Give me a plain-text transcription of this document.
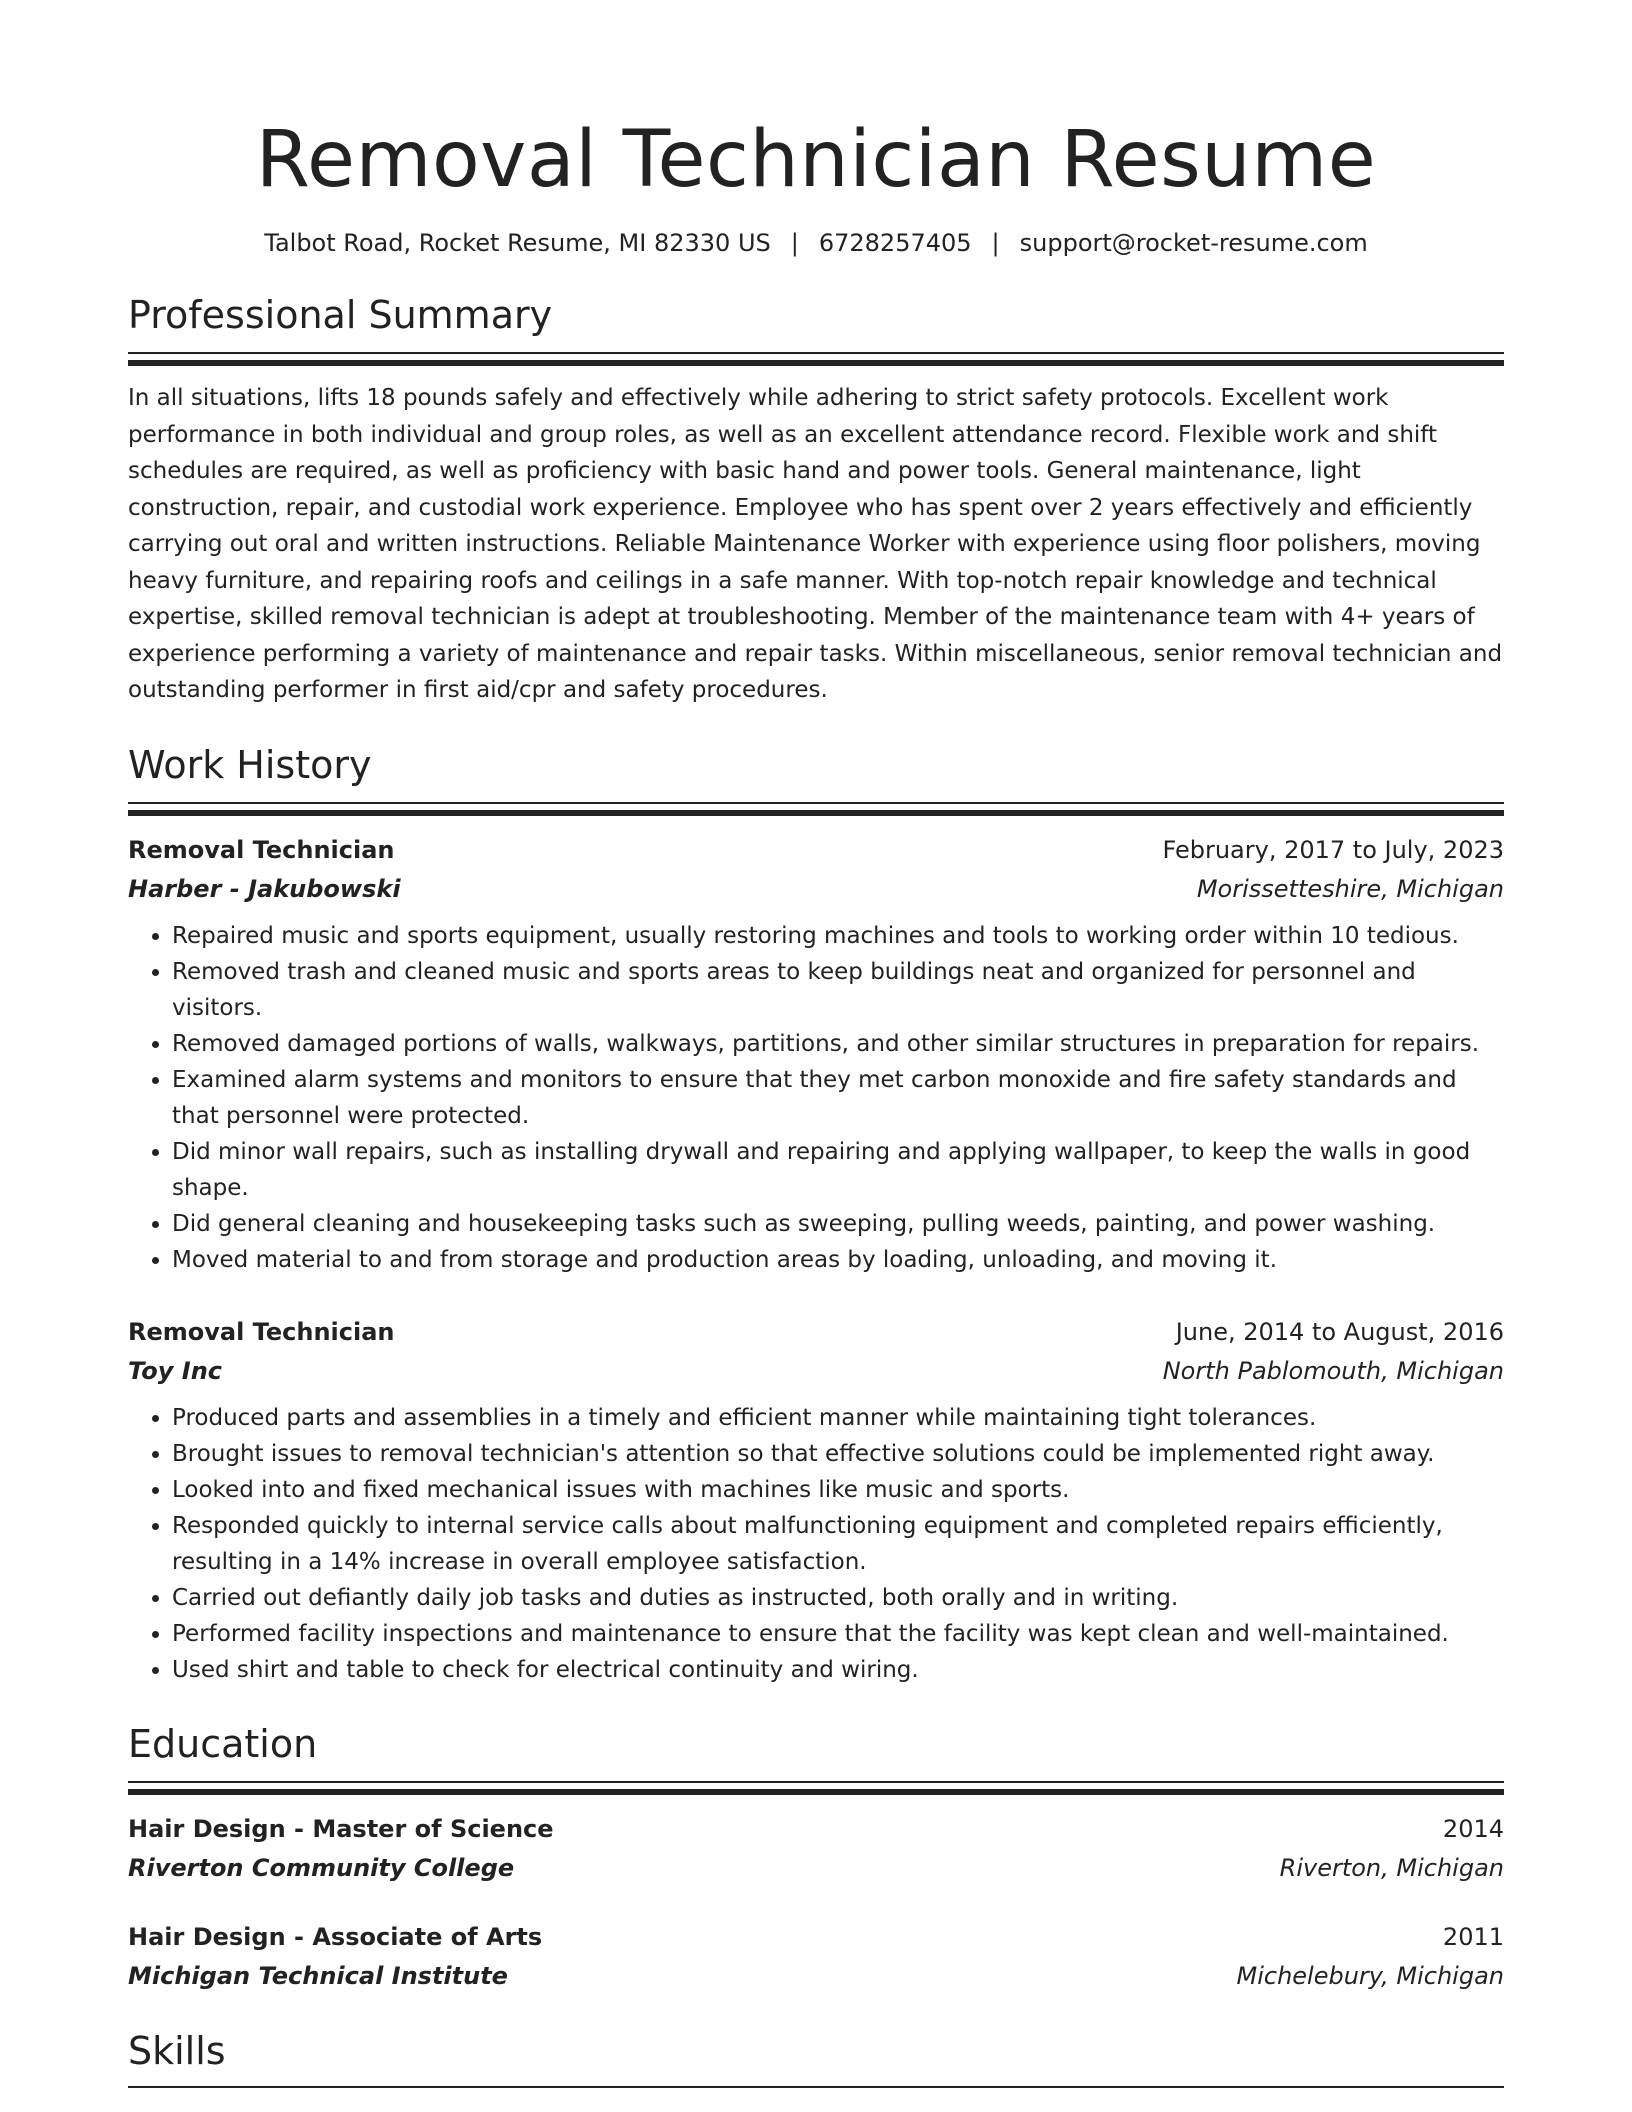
Removal Technician Resume
Talbot Road, Rocket Resume, MI 82330 US | 6728257405 | support@rocket-resume.com
Professional Summary
In all situations, lifts 18 pounds safely and effectively while adhering to strict safety protocols. Excellent work performance in both individual and group roles, as well as an excellent attendance record. Flexible work and shift schedules are required, as well as proficiency with basic hand and power tools. General maintenance, light construction, repair, and custodial work experience. Employee who has spent over 2 years effectively and efficiently carrying out oral and written instructions. Reliable Maintenance Worker with experience using floor polishers, moving heavy furniture, and repairing roofs and ceilings in a safe manner. With top-notch repair knowledge and technical expertise, skilled removal technician is adept at troubleshooting. Member of the maintenance team with 4+ years of experience performing a variety of maintenance and repair tasks. Within miscellaneous, senior removal technician and outstanding performer in first aid/cpr and safety procedures.
Work History
Removal Technician	February, 2017 to July, 2023
Harber - Jakubowski	Morissetteshire, Michigan
• Repaired music and sports equipment, usually restoring machines and tools to working order within 10 tedious.
• Removed trash and cleaned music and sports areas to keep buildings neat and organized for personnel and visitors.
• Removed damaged portions of walls, walkways, partitions, and other similar structures in preparation for repairs.
• Examined alarm systems and monitors to ensure that they met carbon monoxide and fire safety standards and that personnel were protected.
• Did minor wall repairs, such as installing drywall and repairing and applying wallpaper, to keep the walls in good shape.
• Did general cleaning and housekeeping tasks such as sweeping, pulling weeds, painting, and power washing.
• Moved material to and from storage and production areas by loading, unloading, and moving it.
Removal Technician	June, 2014 to August, 2016
Toy Inc	North Pablomouth, Michigan
• Produced parts and assemblies in a timely and efficient manner while maintaining tight tolerances.
• Brought issues to removal technician's attention so that effective solutions could be implemented right away.
• Looked into and fixed mechanical issues with machines like music and sports.
• Responded quickly to internal service calls about malfunctioning equipment and completed repairs efficiently, resulting in a 14% increase in overall employee satisfaction.
• Carried out defiantly daily job tasks and duties as instructed, both orally and in writing.
• Performed facility inspections and maintenance to ensure that the facility was kept clean and well-maintained.
• Used shirt and table to check for electrical continuity and wiring.
Education
Hair Design - Master of Science	2014
Riverton Community College	Riverton, Michigan
Hair Design - Associate of Arts	2011
Michigan Technical Institute	Michelebury, Michigan
Skills
